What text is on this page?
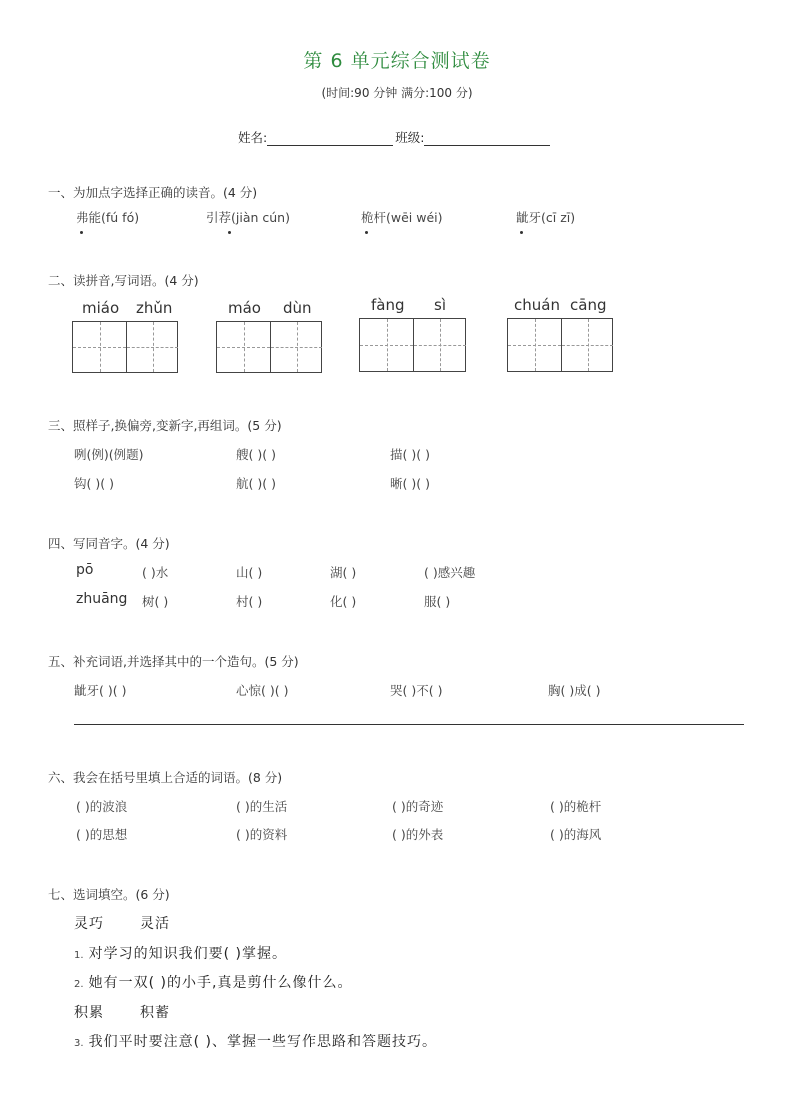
第 6 单元综合测试卷
(时间:90 分钟 满分:100 分)
姓名:	班级:
一、为加点字选择正确的读音。(4 分)
弗能(fú fó)	引荐(jiàn cún)	桅杆(wēi wéi)	龇牙(cī zī)
二、读拼音,写词语。(4 分)
miáo zhǔn	máo dùn	fàng sì	chuán cāng
三、照样子,换偏旁,变新字,再组词。(5 分)
咧(例)(例题)	艘( )( )	描( )( )
钩( )( )	航( )( )	晰( )( )
四、写同音字。(4 分)
pō	( )水	山( )	湖( )	( )感兴趣
zhuāng 树( )	村( )	化( )	服( )
五、补充词语,并选择其中的一个造句。(5 分)
龇牙( )( )	心惊( )( )	哭( )不( )	胸( )成( )
六、我会在括号里填上合适的词语。(8 分)
( )的波浪	( )的生活	( )的奇迹	( )的桅杆
( )的思想	( )的资料	( )的外表	( )的海风
七、选词填空。(6 分)
灵巧	灵活
1. 对学习的知识我们要( )掌握。
2. 她有一双( )的小手,真是剪什么像什么。
积累	积蓄
3. 我们平时要注意( )、掌握一些写作思路和答题技巧。
